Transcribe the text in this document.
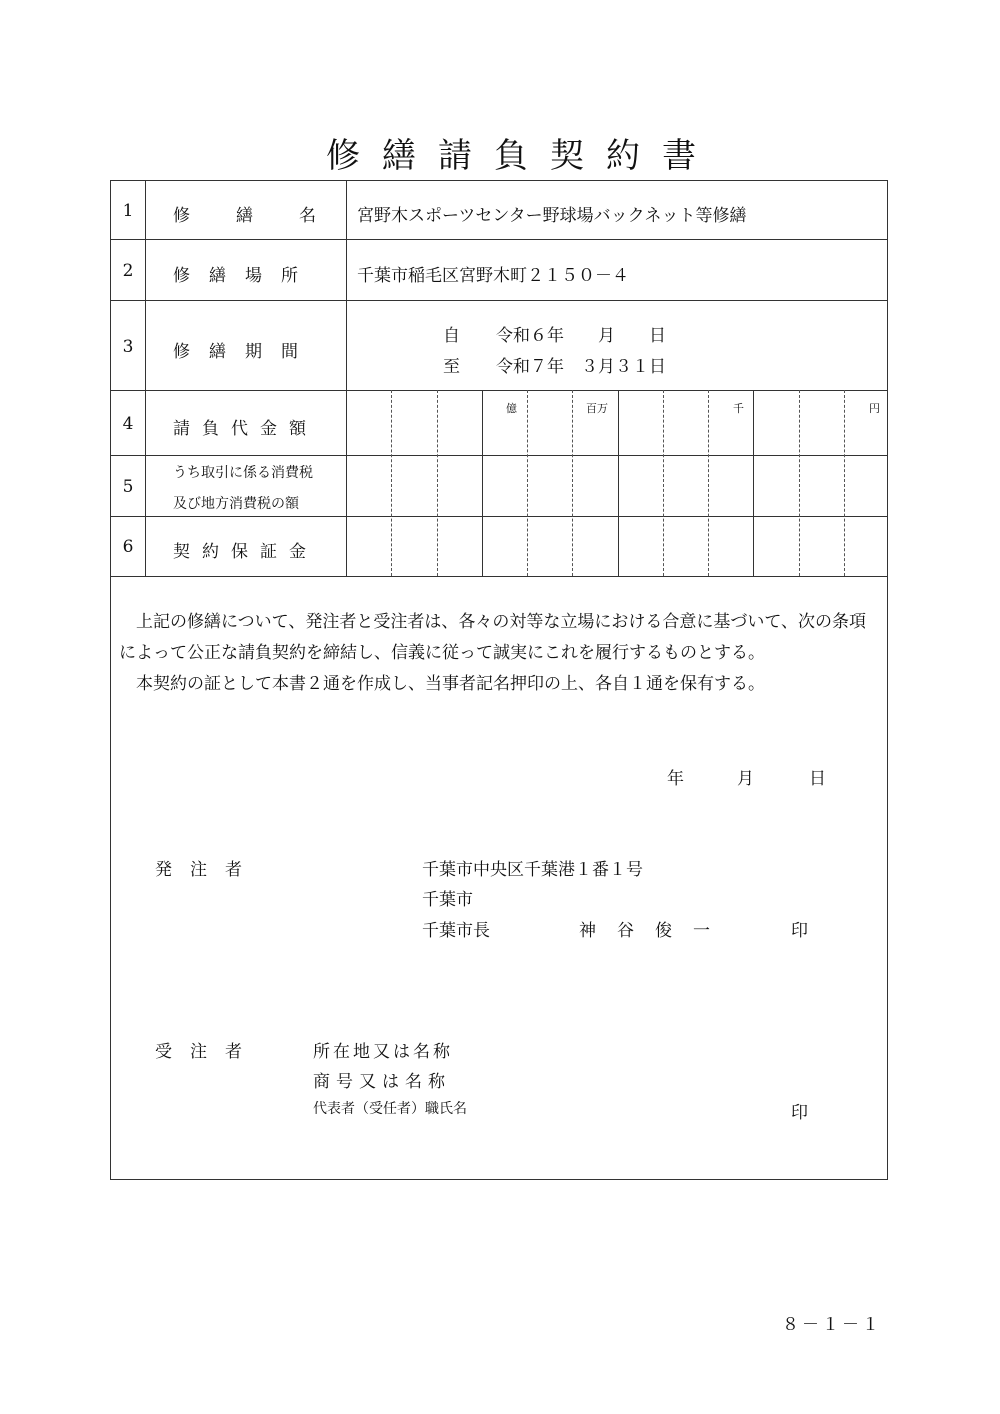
修繕請負契約書
1	修繕名
宮野木スポーツセンター野球場バックネット等修繕
2	修繕場所 千葉市稲毛区宮野木町２１５０－４
3	修繕期間
自 令和６年　　月　　日
至 令和７年　３月３１日
4	請負代金額
億	百万	千	円
5
うち取引に係る消費税
及び地方消費税の額
6	契約保証金
上記の修繕について、発注者と受注者は、各々の対等な立場における合意に基づいて、次の条項によって公正な請負契約を締結し、信義に従って誠実にこれを履行するものとする。
本契約の証として本書２通を作成し、当事者記名押印の上、各自１通を保有する。
年	月	日
発注者	千葉市中央区千葉港１番１号
千葉市
千葉市長	神　谷　俊　一	印
受注者	所在地又は名称
商号又は名称
代表者（受任者）職氏名	印
８－１－１
